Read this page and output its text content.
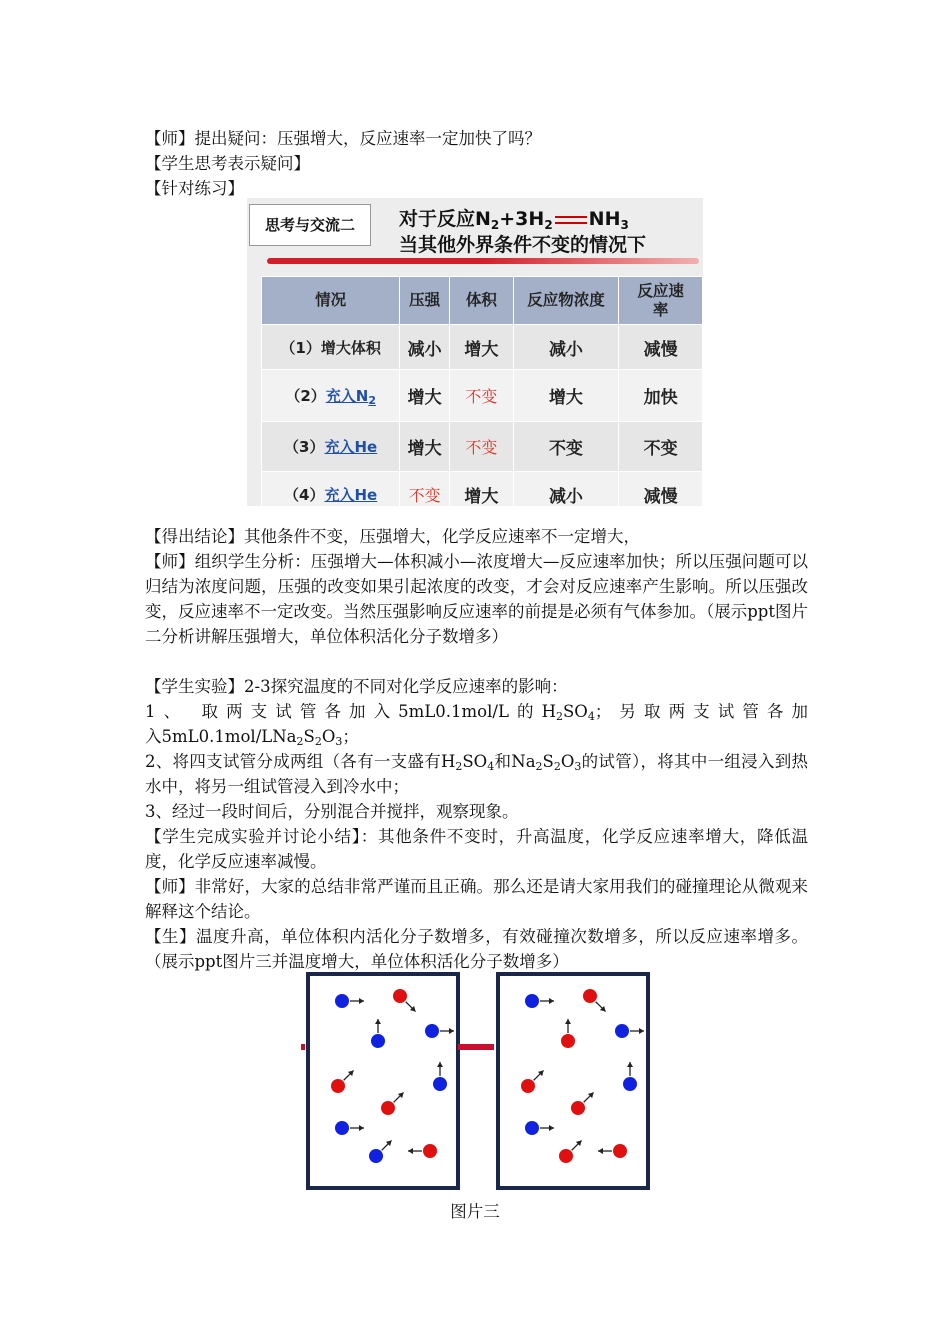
【师】提出疑问：压强增大，反应速率一定加快了吗？

【学生思考表示疑问】

【针对练习】

思考与交流二	对于反应$N_2+3H_2$ $NH_3$
当其他外界条件不变的情况下
情况	压强	体积	反应物浓度	反应速率
（1）增大体积	减小	增大	减小	减慢
（2）充入$N_2$	增大	不变	增大	加快
（3）充入He	增大	不变	不变	不变
（4）充入He	不变	增大	减小	减慢

【得出结论】其他条件不变，压强增大，化学反应速率不一定增大，

【师】组织学生分析：压强增大—体积减小—浓度增大—反应速率加快；所以压强问题可以归结为浓度问题，压强的改变如果引起浓度的改变，才会对反应速率产生影响。所以压强改变，反应速率不一定改变。当然压强影响反应速率的前提是必须有气体参加。（展示ppt图片二分析讲解压强增大，单位体积活化分子数增多）

【学生实验】2-3探究温度的不同对化学反应速率的影响：

1、 取两支试管各加入5mL0.1mol/L的$H_2SO_4$；另取两支试管各加
入$5mL0.1mol/LNa_2S_2O_3$；

2、将四支试管分成两组（各有一支盛有$H_2SO_4$和$Na_2S_2O_3$的试管），将其中一组浸入到热水中，将另一组试管浸入到冷水中；

3、经过一段时间后，分别混合并搅拌，观察现象。

【学生完成实验并讨论小结】：其他条件不变时，升高温度，化学反应速率增大，降低温度，化学反应速率减慢。

【师】非常好，大家的总结非常严谨而且正确。那么还是请大家用我们的碰撞理论从微观来解释这个结论。

【生】温度升高，单位体积内活化分子数增多，有效碰撞次数增多，所以反应速率增多。（展示ppt图片三并温度增大，单位体积活化分子数增多）

图片三
